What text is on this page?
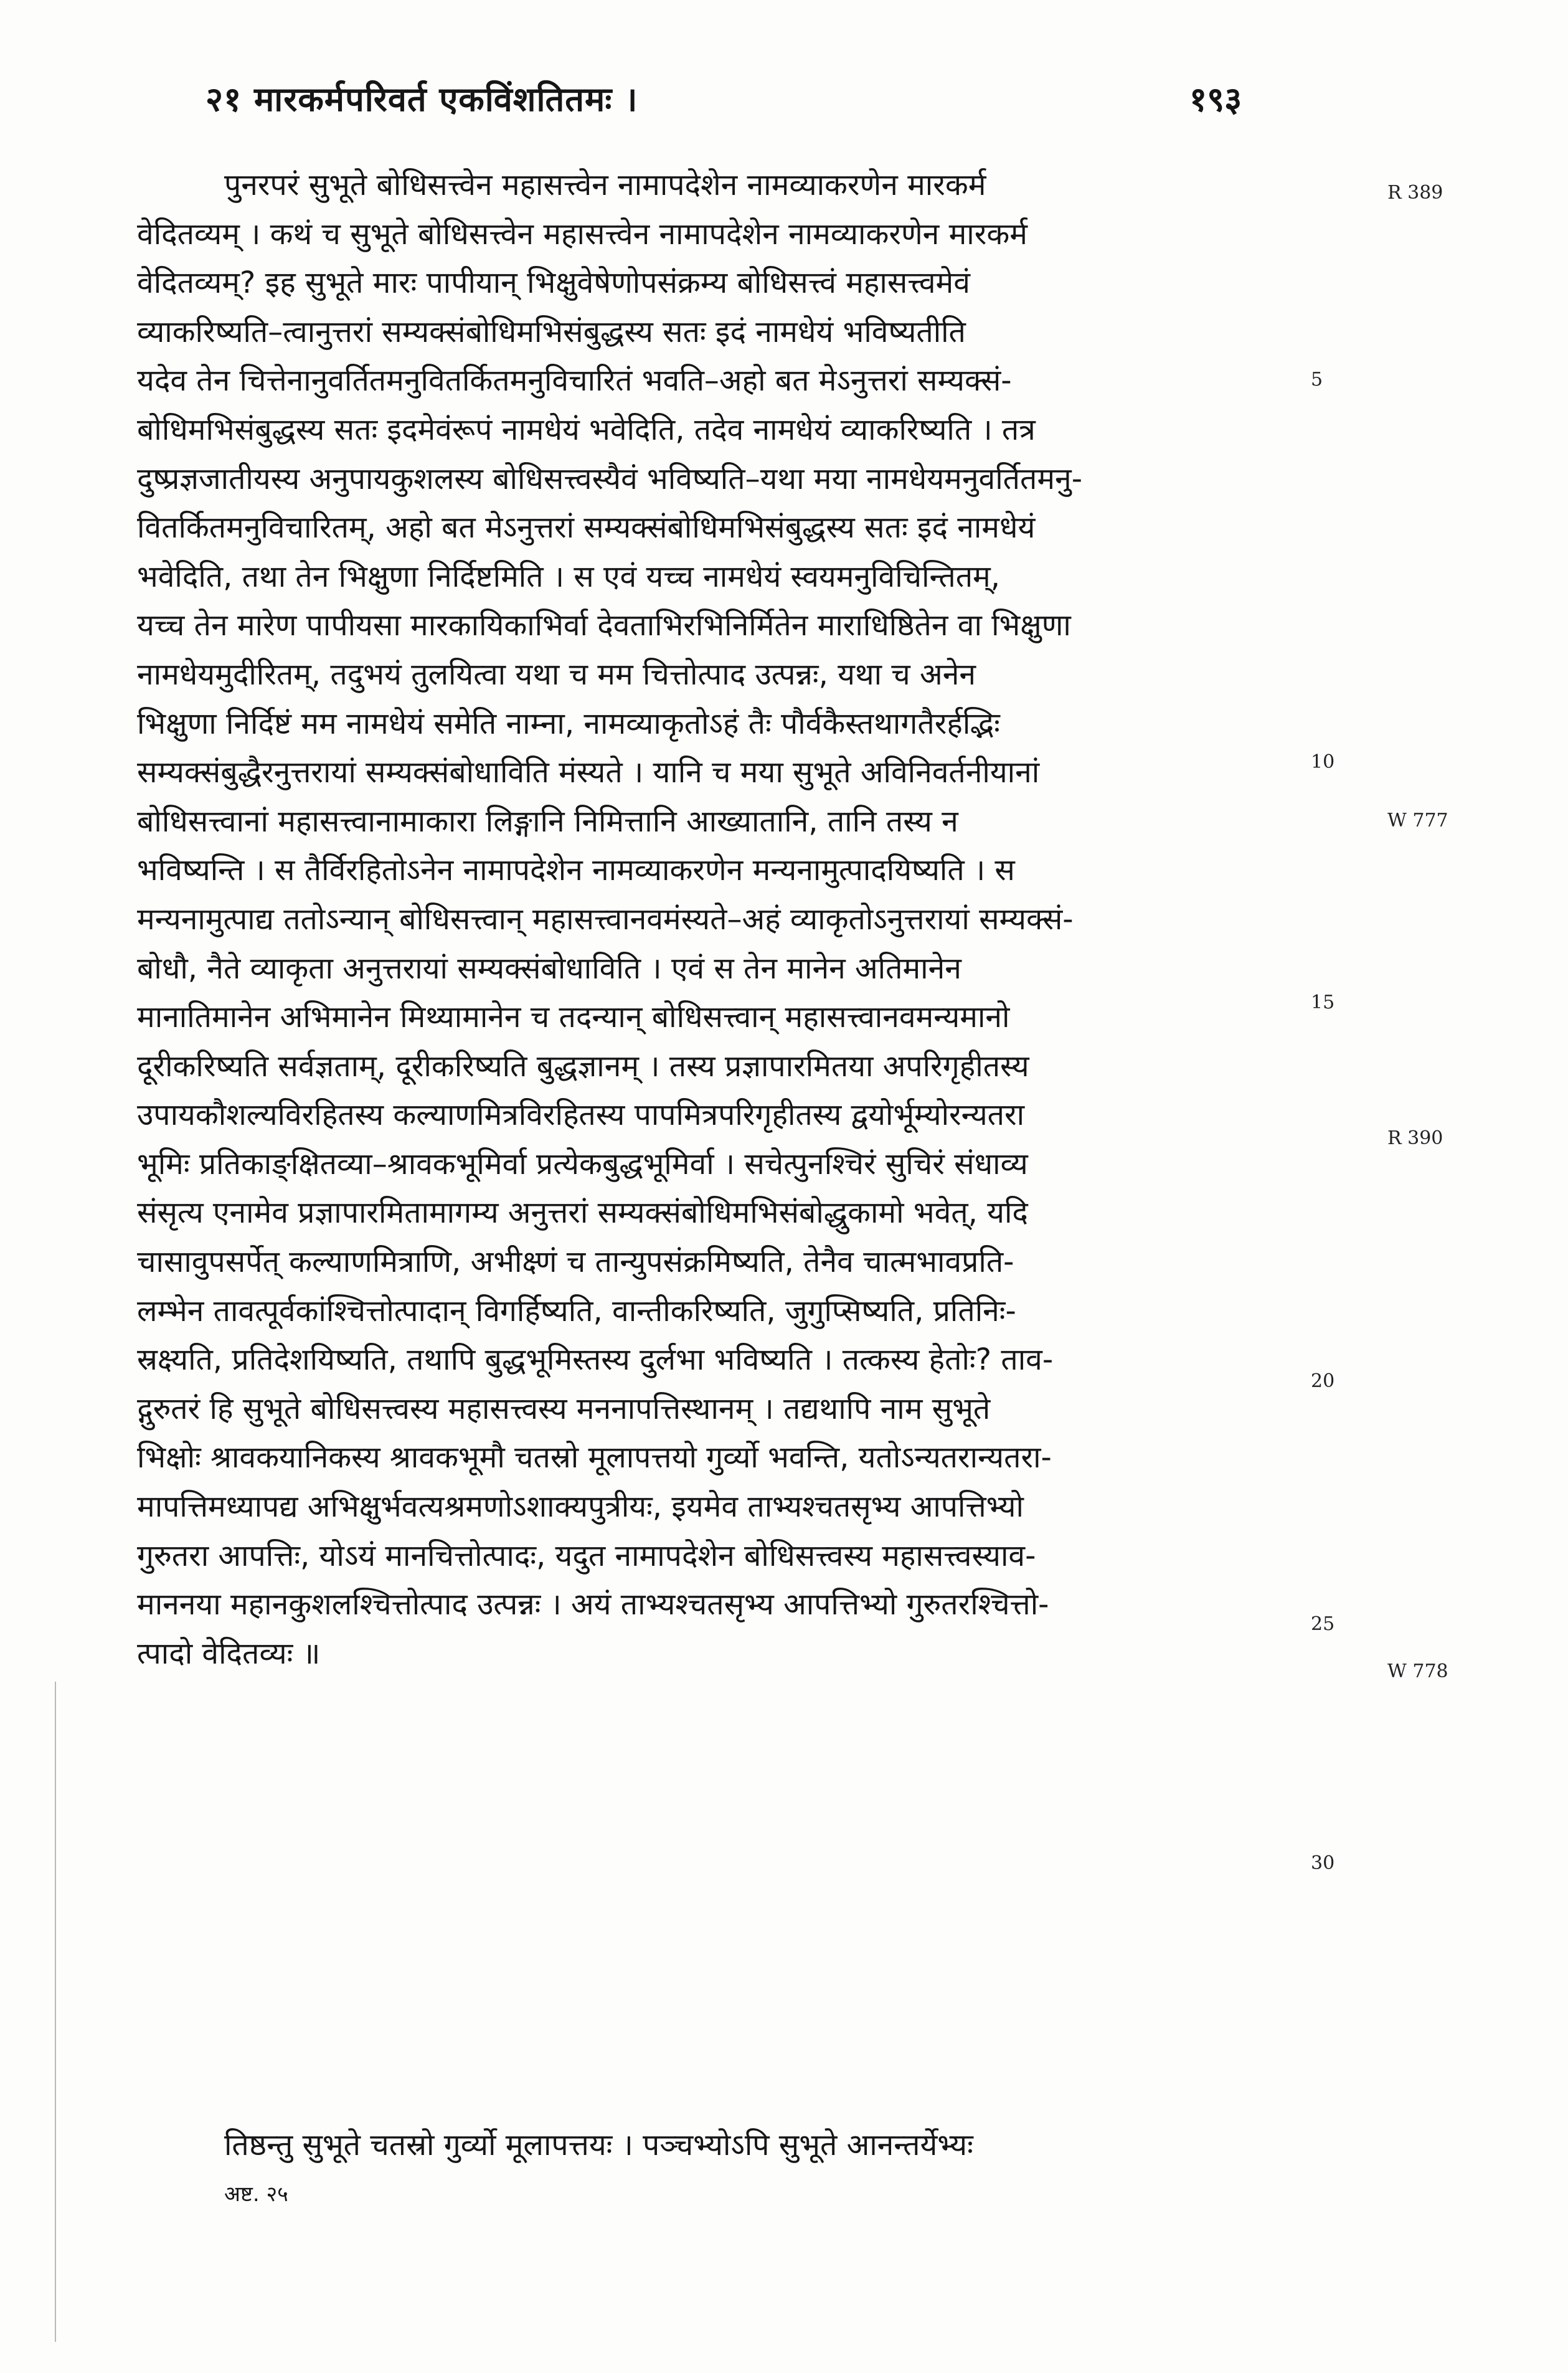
२१ मारकर्मपरिवर्त एकविंशतितमः ।	१९३
पुनरपरं सुभूते बोधिसत्त्वेन महासत्त्वेन नामापदेशेन नामव्याकरणेन मारकर्म
वेदितव्यम् । कथं च सुभूते बोधिसत्त्वेन महासत्त्वेन नामापदेशेन नामव्याकरणेन मारकर्म
वेदितव्यम्? इह सुभूते मारः पापीयान् भिक्षुवेषेणोपसंक्रम्य बोधिसत्त्वं महासत्त्वमेवं
व्याकरिष्यति–त्वानुत्तरां सम्यक्संबोधिमभिसंबुद्धस्य सतः इदं नामधेयं भविष्यतीति
यदेव तेन चित्तेनानुवर्तितमनुवितर्कितमनुविचारितं भवति–अहो बत मेऽनुत्तरां सम्यक्सं-
बोधिमभिसंबुद्धस्य सतः इदमेवंरूपं नामधेयं भवेदिति, तदेव नामधेयं व्याकरिष्यति । तत्र
दुष्प्रज्ञजातीयस्य अनुपायकुशलस्य बोधिसत्त्वस्यैवं भविष्यति–यथा मया नामधेयमनुवर्तितमनु-
वितर्कितमनुविचारितम्, अहो बत मेऽनुत्तरां सम्यक्संबोधिमभिसंबुद्धस्य सतः इदं नामधेयं
भवेदिति, तथा तेन भिक्षुणा निर्दिष्टमिति । स एवं यच्च नामधेयं स्वयमनुविचिन्तितम्,
यच्च तेन मारेण पापीयसा मारकायिकाभिर्वा देवताभिरभिनिर्मितेन माराधिष्ठितेन वा भिक्षुणा
नामधेयमुदीरितम्, तदुभयं तुलयित्वा यथा च मम चित्तोत्पाद उत्पन्नः, यथा च अनेन
भिक्षुणा निर्दिष्टं मम नामधेयं समेति नाम्ना, नामव्याकृतोऽहं तैः पौर्वकैस्तथागतैरर्हद्भिः
सम्यक्संबुद्धैरनुत्तरायां सम्यक्संबोधाविति मंस्यते । यानि च मया सुभूते अविनिवर्तनीयानां
बोधिसत्त्वानां महासत्त्वानामाकारा लिङ्गानि निमित्तानि आख्यातानि, तानि तस्य न
भविष्यन्ति । स तैर्विरहितोऽनेन नामापदेशेन नामव्याकरणेन मन्यनामुत्पादयिष्यति । स
मन्यनामुत्पाद्य ततोऽन्यान् बोधिसत्त्वान् महासत्त्वानवमंस्यते–अहं व्याकृतोऽनुत्तरायां सम्यक्सं-
बोधौ, नैते व्याकृता अनुत्तरायां सम्यक्संबोधाविति । एवं स तेन मानेन अतिमानेन
मानातिमानेन अभिमानेन मिथ्यामानेन च तदन्यान् बोधिसत्त्वान् महासत्त्वानवमन्यमानो
दूरीकरिष्यति सर्वज्ञताम्, दूरीकरिष्यति बुद्धज्ञानम् । तस्य प्रज्ञापारमितया अपरिगृहीतस्य
उपायकौशल्यविरहितस्य कल्याणमित्रविरहितस्य पापमित्रपरिगृहीतस्य द्वयोर्भूम्योरन्यतरा
भूमिः प्रतिकाङ्क्षितव्या–श्रावकभूमिर्वा प्रत्येकबुद्धभूमिर्वा । सचेत्पुनश्चिरं सुचिरं संधाव्य
संसृत्य एनामेव प्रज्ञापारमितामागम्य अनुत्तरां सम्यक्संबोधिमभिसंबोद्धुकामो भवेत्, यदि
चासावुपसर्पेत् कल्याणमित्राणि, अभीक्ष्णं च तान्युपसंक्रमिष्यति, तेनैव चात्मभावप्रति-
लम्भेन तावत्पूर्वकांश्चित्तोत्पादान् विगर्हिष्यति, वान्तीकरिष्यति, जुगुप्सिष्यति, प्रतिनिः-
स्रक्ष्यति, प्रतिदेशयिष्यति, तथापि बुद्धभूमिस्तस्य दुर्लभा भविष्यति । तत्कस्य हेतोः? ताव-
द्गुरुतरं हि सुभूते बोधिसत्त्वस्य महासत्त्वस्य मननापत्तिस्थानम् । तद्यथापि नाम सुभूते
भिक्षोः श्रावकयानिकस्य श्रावकभूमौ चतस्रो मूलापत्तयो गुर्व्यो भवन्ति, यतोऽन्यतरान्यतरा-
मापत्तिमध्यापद्य अभिक्षुर्भवत्यश्रमणोऽशाक्यपुत्रीयः, इयमेव ताभ्यश्चतसृभ्य आपत्तिभ्यो
गुरुतरा आपत्तिः, योऽयं मानचित्तोत्पादः, यदुत नामापदेशेन बोधिसत्त्वस्य महासत्त्वस्याव-
माननया महानकुशलश्चित्तोत्पाद उत्पन्नः । अयं ताभ्यश्चतसृभ्य आपत्तिभ्यो गुरुतरश्चित्तो-
त्पादो वेदितव्यः ॥
5
10
15
20
25
30
R 389
W 777
R 390
W 778
तिष्ठन्तु सुभूते चतस्रो गुर्व्यो मूलापत्तयः । पञ्चभ्योऽपि सुभूते आनन्तर्येभ्यः
अष्ट. २५
